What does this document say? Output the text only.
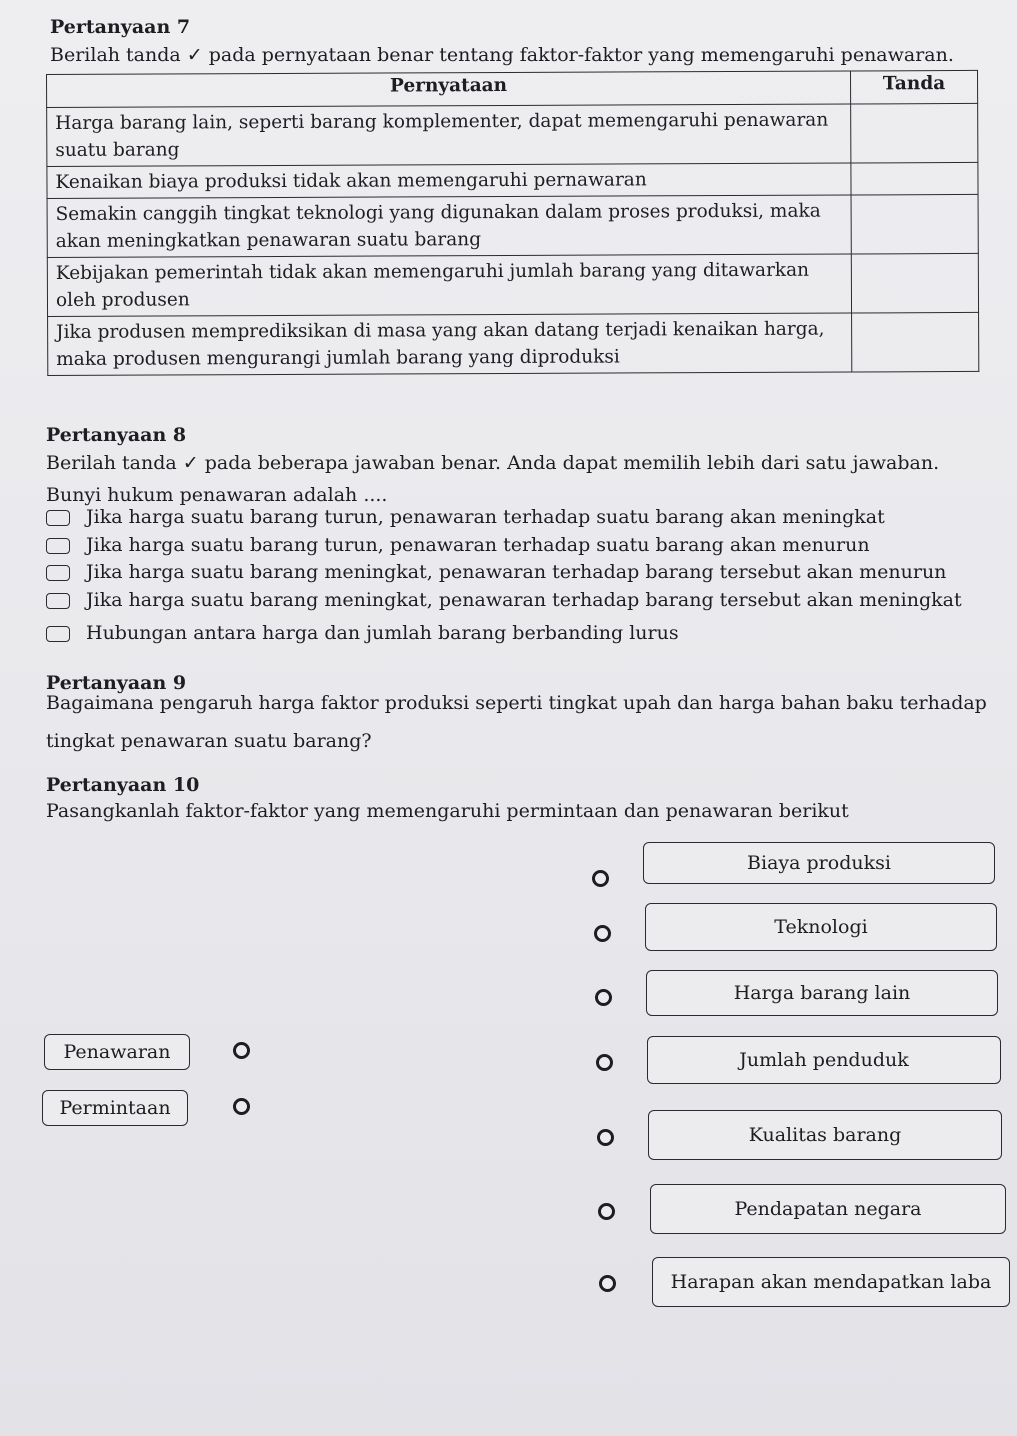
Pertanyaan 7
Berilah tanda ✓ pada pernyataan benar tentang faktor-faktor yang memengaruhi penawaran.
Pernyataan	Tanda
Harga barang lain, seperti barang komplementer, dapat memengaruhi penawaran
suatu barang	
Kenaikan biaya produksi tidak akan memengaruhi pernawaran	
Semakin canggih tingkat teknologi yang digunakan dalam proses produksi, maka
akan meningkatkan penawaran suatu barang	
Kebijakan pemerintah tidak akan memengaruhi jumlah barang yang ditawarkan
oleh produsen	
Jika produsen memprediksikan di masa yang akan datang terjadi kenaikan harga,
maka produsen mengurangi jumlah barang yang diproduksi	
Pertanyaan 8
Berilah tanda ✓ pada beberapa jawaban benar. Anda dapat memilih lebih dari satu jawaban.
Bunyi hukum penawaran adalah ....
Jika harga suatu barang turun, penawaran terhadap suatu barang akan meningkat
Jika harga suatu barang turun, penawaran terhadap suatu barang akan menurun
Jika harga suatu barang meningkat, penawaran terhadap barang tersebut akan menurun
Jika harga suatu barang meningkat, penawaran terhadap barang tersebut akan meningkat
Hubungan antara harga dan jumlah barang berbanding lurus
Pertanyaan 9
Bagaimana pengaruh harga faktor produksi seperti tingkat upah dan harga bahan baku terhadap
tingkat penawaran suatu barang?
Pertanyaan 10
Pasangkanlah faktor-faktor yang memengaruhi permintaan dan penawaran berikut
Penawaran
Permintaan
Biaya produksi
Teknologi
Harga barang lain
Jumlah penduduk
Kualitas barang
Pendapatan negara
Harapan akan mendapatkan laba
